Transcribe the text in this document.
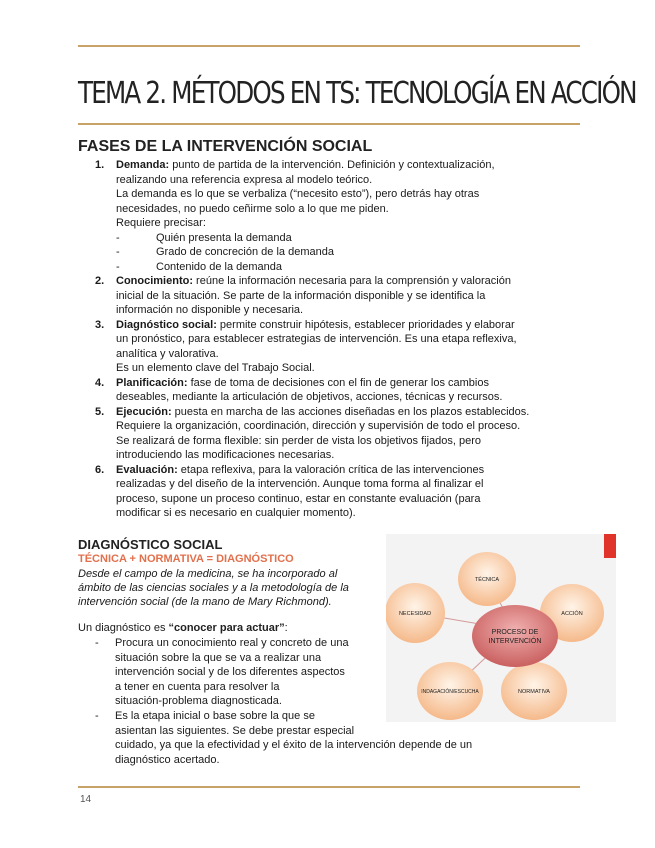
TEMA 2. MÉTODOS EN TS: TECNOLOGÍA EN ACCIÓN
FASES DE LA INTERVENCIÓN SOCIAL
1. Demanda: punto de partida de la intervención. Definición y contextualización,
realizando una referencia expresa al modelo teórico.
La demanda es lo que se verbaliza (“necesito esto”), pero detrás hay otras
necesidades, no puedo ceñirme solo a lo que me piden.
Requiere precisar:
-	Quién presenta la demanda
-	Grado de concreción de la demanda
-	Contenido de la demanda
2. Conocimiento: reúne la información necesaria para la comprensión y valoración
inicial de la situación. Se parte de la información disponible y se identifica la
información no disponible y necesaria.
3. Diagnóstico social: permite construir hipótesis, establecer prioridades y elaborar
un pronóstico, para establecer estrategias de intervención. Es una etapa reflexiva,
analítica y valorativa.
Es un elemento clave del Trabajo Social.
4. Planificación: fase de toma de decisiones con el fin de generar los cambios
deseables, mediante la articulación de objetivos, acciones, técnicas y recursos.
5. Ejecución: puesta en marcha de las acciones diseñadas en los plazos establecidos.
Requiere la organización, coordinación, dirección y supervisión de todo el proceso.
Se realizará de forma flexible: sin perder de vista los objetivos fijados, pero
introduciendo las modificaciones necesarias.
6. Evaluación: etapa reflexiva, para la valoración crítica de las intervenciones
realizadas y del diseño de la intervención. Aunque toma forma al finalizar el
proceso, supone un proceso continuo, estar en constante evaluación (para
modificar si es necesario en cualquier momento).
DIAGNÓSTICO SOCIAL
TÉCNICA + NORMATIVA = DIAGNÓSTICO
Desde el campo de la medicina, se ha incorporado al
ámbito de las ciencias sociales y a la metodología de la
intervención social (de la mano de Mary Richmond).
Un diagnóstico es “conocer para actuar”:
- Procura un conocimiento real y concreto de una
situación sobre la que se va a realizar una
intervención social y de los diferentes aspectos
a tener en cuenta para resolver la
situación-problema diagnosticada.
- Es la etapa inicial o base sobre la que se
asientan las siguientes. Se debe prestar especial
cuidado, ya que la efectividad y el éxito de la intervención depende de un
diagnóstico acertado.
PROCESO DE
INTERVENCIÓN
TÉCNICA
ACCIÓN
NORMATIVA
INDAGACIÓN/ESCUCHA
NECESIDAD
14
